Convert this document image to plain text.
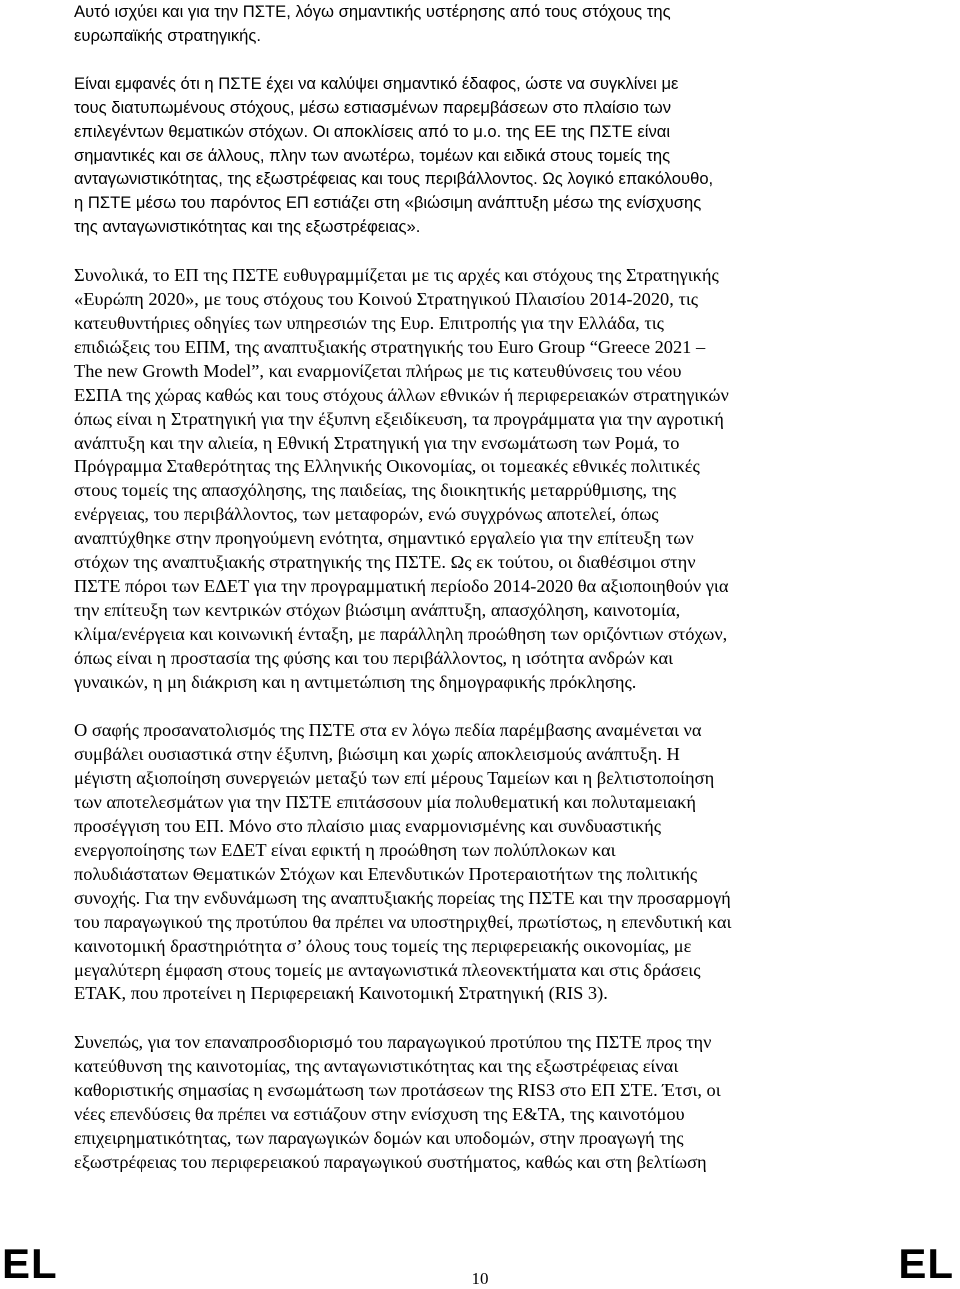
Αυτό ισχύει και για την ΠΣΤΕ, λόγω σημαντικής υστέρησης από τους στόχους της
ευρωπαϊκής στρατηγικής.

Είναι εμφανές ότι η ΠΣΤΕ έχει να καλύψει σημαντικό έδαφος, ώστε να συγκλίνει με
τους διατυπωμένους στόχους, μέσω εστιασμένων παρεμβάσεων στο πλαίσιο των
επιλεγέντων θεματικών στόχων. Οι αποκλίσεις από το μ.ο. της ΕΕ της ΠΣΤΕ είναι
σημαντικές και σε άλλους, πλην των ανωτέρω, τομέων και ειδικά στους τομείς της
ανταγωνιστικότητας, της εξωστρέφειας και τους περιβάλλοντος. Ως λογικό επακόλουθο,
η ΠΣΤΕ μέσω του παρόντος ΕΠ εστιάζει στη «βιώσιμη ανάπτυξη μέσω της ενίσχυσης
της ανταγωνιστικότητας και της εξωστρέφειας».

Συνολικά, το ΕΠ της ΠΣΤΕ ευθυγραμμίζεται με τις αρχές και στόχους της Στρατηγικής
«Ευρώπη 2020», με τους στόχους του Κοινού Στρατηγικού Πλαισίου 2014-2020, τις
κατευθυντήριες οδηγίες των υπηρεσιών της Ευρ. Επιτροπής για την Ελλάδα, τις
επιδιώξεις του ΕΠΜ, της αναπτυξιακής στρατηγικής του Euro Group “Greece 2021 –
The new Growth Model”, και εναρμονίζεται πλήρως με τις κατευθύνσεις του νέου
ΕΣΠΑ της χώρας καθώς και τους στόχους άλλων εθνικών ή περιφερειακών στρατηγικών
όπως είναι η Στρατηγική για την έξυπνη εξειδίκευση, τα προγράμματα για την αγροτική
ανάπτυξη και την αλιεία, η Εθνική Στρατηγική για την ενσωμάτωση των Ρομά, το
Πρόγραμμα Σταθερότητας της Ελληνικής Οικονομίας, οι τομεακές εθνικές πολιτικές
στους τομείς της απασχόλησης, της παιδείας, της διοικητικής μεταρρύθμισης, της
ενέργειας, του περιβάλλοντος, των μεταφορών, ενώ συγχρόνως αποτελεί, όπως
αναπτύχθηκε στην προηγούμενη ενότητα, σημαντικό εργαλείο για την επίτευξη των
στόχων της αναπτυξιακής στρατηγικής της ΠΣΤΕ. Ως εκ τούτου, οι διαθέσιμοι στην
ΠΣΤΕ πόροι των ΕΔΕΤ για την προγραμματική περίοδο 2014-2020 θα αξιοποιηθούν για
την επίτευξη των κεντρικών στόχων βιώσιμη ανάπτυξη, απασχόληση, καινοτομία,
κλίμα/ενέργεια και κοινωνική ένταξη, με παράλληλη προώθηση των οριζόντιων στόχων,
όπως είναι η προστασία της φύσης και του περιβάλλοντος, η ισότητα ανδρών και
γυναικών, η μη διάκριση και η αντιμετώπιση της δημογραφικής πρόκλησης.

Ο σαφής προσανατολισμός της ΠΣΤΕ στα εν λόγω πεδία παρέμβασης αναμένεται να
συμβάλει ουσιαστικά στην έξυπνη, βιώσιμη και χωρίς αποκλεισμούς ανάπτυξη. Η
μέγιστη αξιοποίηση συνεργειών μεταξύ των επί μέρους Ταμείων και η βελτιστοποίηση
των αποτελεσμάτων για την ΠΣΤΕ επιτάσσουν μία πολυθεματική και πολυταμειακή
προσέγγιση του ΕΠ. Μόνο στο πλαίσιο μιας εναρμονισμένης και συνδυαστικής
ενεργοποίησης των ΕΔΕΤ είναι εφικτή η προώθηση των πολύπλοκων και
πολυδιάστατων Θεματικών Στόχων και Επενδυτικών Προτεραιοτήτων της πολιτικής
συνοχής. Για την ενδυνάμωση της αναπτυξιακής πορείας της ΠΣΤΕ και την προσαρμογή
του παραγωγικού της προτύπου θα πρέπει να υποστηριχθεί, πρωτίστως, η επενδυτική και
καινοτομική δραστηριότητα σ’ όλους τους τομείς της περιφερειακής οικονομίας, με
μεγαλύτερη έμφαση στους τομείς με ανταγωνιστικά πλεονεκτήματα και στις δράσεις
ΕΤΑΚ, που προτείνει η Περιφερειακή Καινοτομική Στρατηγική (RIS 3).

Συνεπώς, για τον επαναπροσδιορισμό του παραγωγικού προτύπου της ΠΣΤΕ προς την
κατεύθυνση της καινοτομίας, της ανταγωνιστικότητας και της εξωστρέφειας είναι
καθοριστικής σημασίας η ενσωμάτωση των προτάσεων της RIS3 στο ΕΠ ΣΤΕ. Έτσι, οι
νέες επενδύσεις θα πρέπει να εστιάζουν στην ενίσχυση της Ε&ΤΑ, της καινοτόμου
επιχειρηματικότητας, των παραγωγικών δομών και υποδομών, στην προαγωγή της
εξωστρέφειας του περιφερειακού παραγωγικού συστήματος, καθώς και στη βελτίωση

EL	10	EL
